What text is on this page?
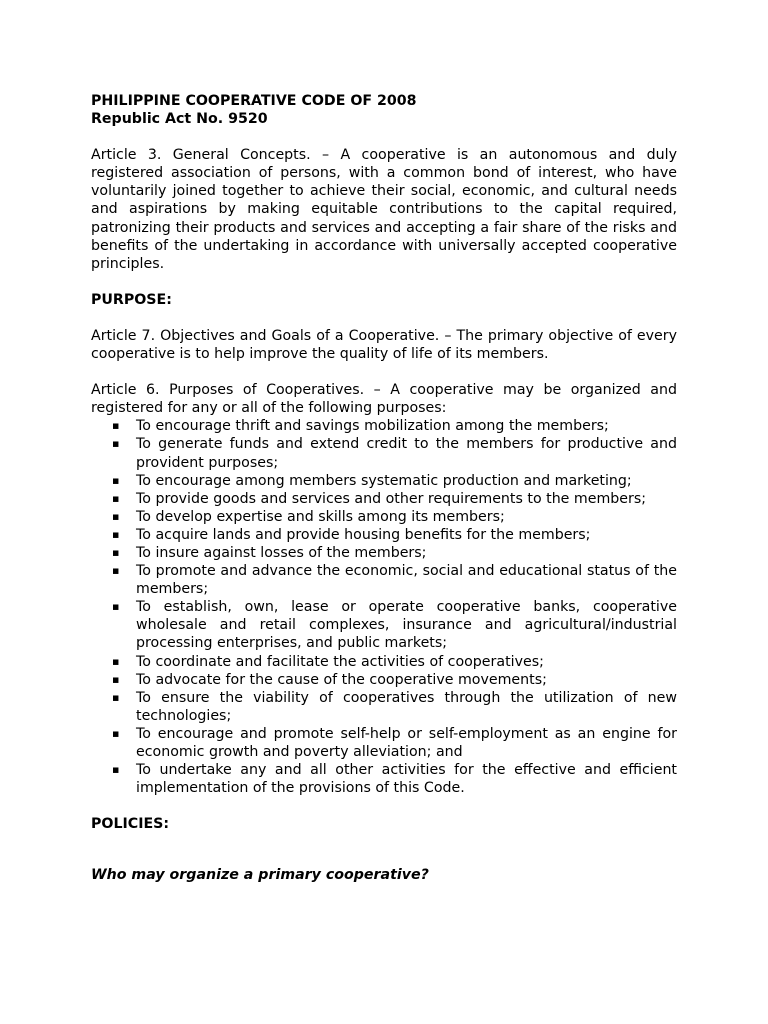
PHILIPPINE COOPERATIVE CODE OF 2008

Republic Act No. 9520

Article 3. General Concepts. – A cooperative is an autonomous and duly registered association of persons, with a common bond of interest, who have voluntarily joined together to achieve their social, economic, and cultural needs and aspirations by making equitable contributions to the capital required, patronizing their products and services and accepting a fair share of the risks and benefits of the undertaking in accordance with universally accepted cooperative principles.

PURPOSE:

Article 7. Objectives and Goals of a Cooperative. – The primary objective of every cooperative is to help improve the quality of life of its members.

Article 6. Purposes of Cooperatives. – A cooperative may be organized and registered for any or all of the following purposes:

▪ To encourage thrift and savings mobilization among the members;
▪ To generate funds and extend credit to the members for productive and provident purposes;
▪ To encourage among members systematic production and marketing;
▪ To provide goods and services and other requirements to the members;
▪ To develop expertise and skills among its members;
▪ To acquire lands and provide housing benefits for the members;
▪ To insure against losses of the members;
▪ To promote and advance the economic, social and educational status of the members;
▪ To establish, own, lease or operate cooperative banks, cooperative wholesale and retail complexes, insurance and agricultural/industrial processing enterprises, and public markets;
▪ To coordinate and facilitate the activities of cooperatives;
▪ To advocate for the cause of the cooperative movements;
▪ To ensure the viability of cooperatives through the utilization of new technologies;
▪ To encourage and promote self-help or self-employment as an engine for economic growth and poverty alleviation; and
▪ To undertake any and all other activities for the effective and efficient implementation of the provisions of this Code.

POLICIES:

Who may organize a primary cooperative?
